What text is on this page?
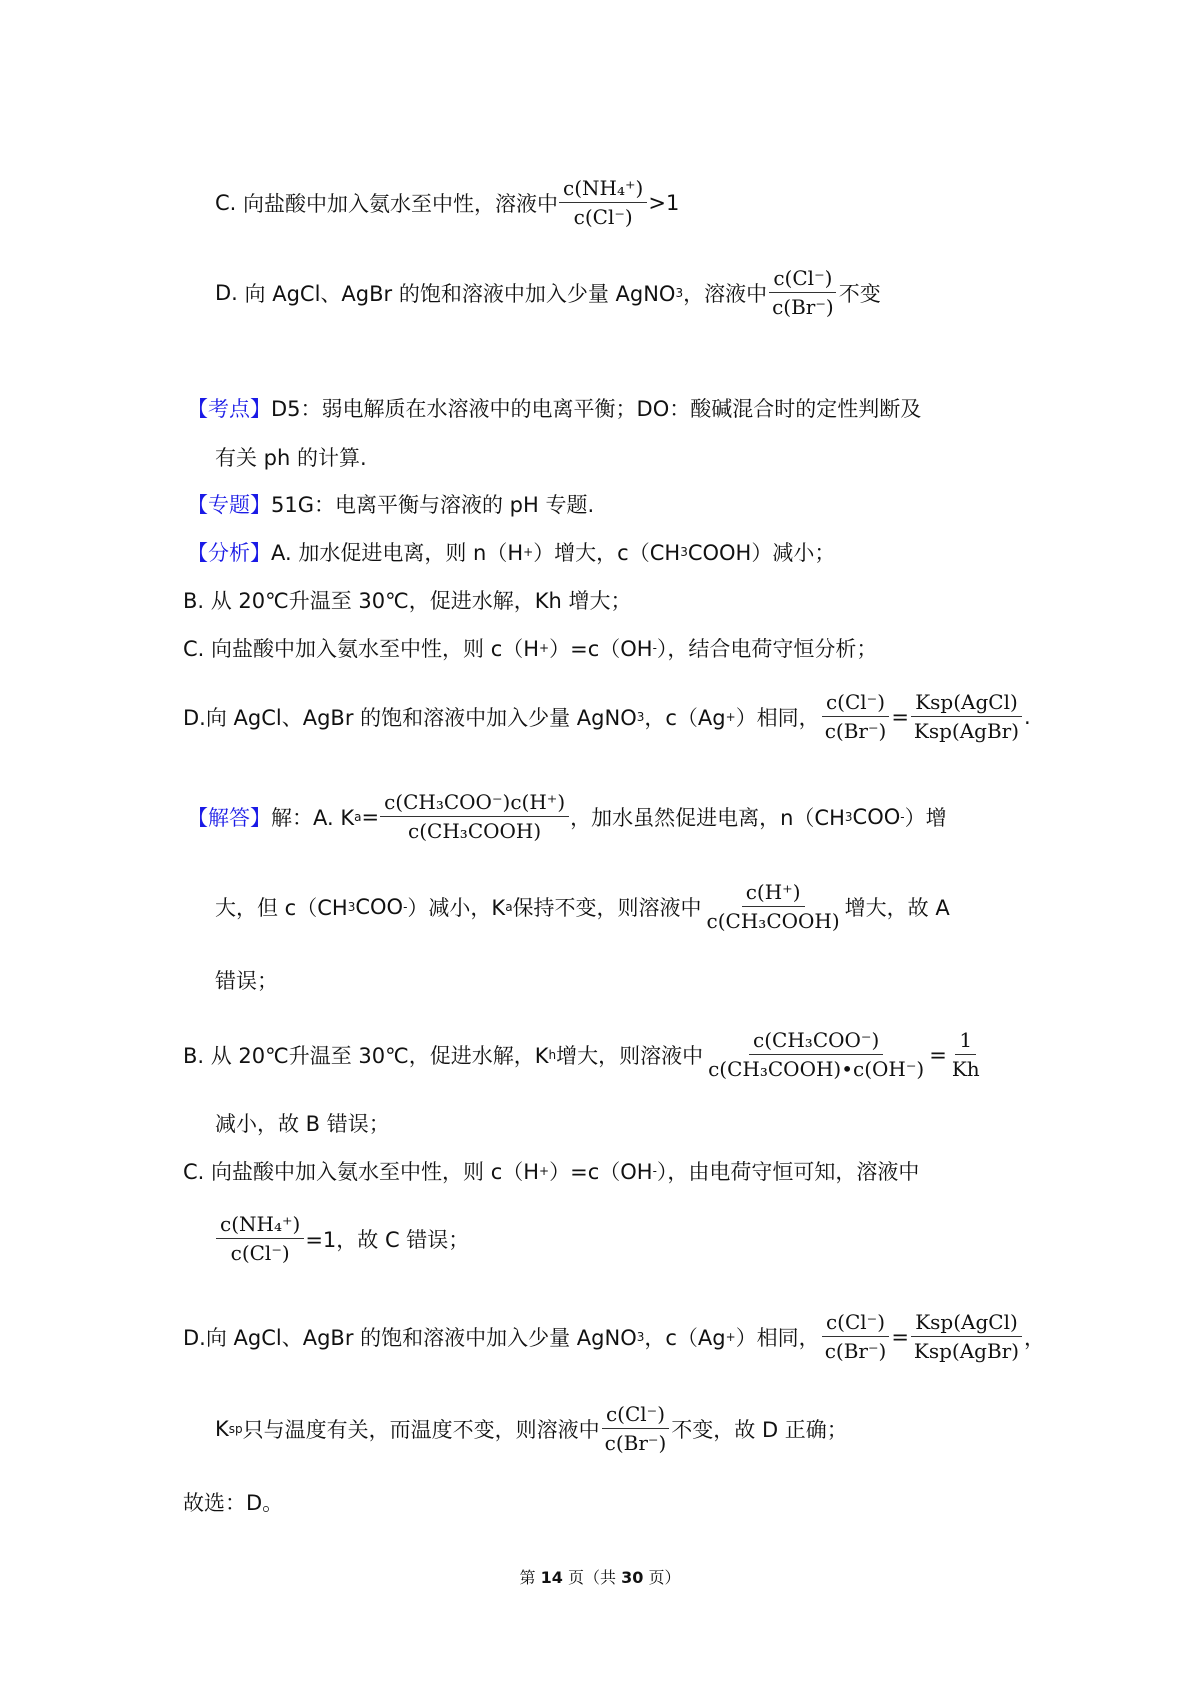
C.
向盐酸中加入氨水至中性，溶液中 $\frac{\text{c(NH₄⁺)}}{c(Cl^-)} >1$
D.
向 AgCl、AgBr 的饱和溶液中加入少量 AgNO 3 ，溶液中 $\frac{c(Cl^-)}{c(Br^-)}$ 不变
【考点】 D5：弱电解质在水溶液中的电离平衡；DO：酸碱混合时的定性判断及
有关 ph 的计算.
【专题】 51G：电离平衡与溶液的 pH 专题.
【分析】 A. 加水促进电离，则 n（H + ）增大，c（CH 3 COOH）减小；
B. 从 20℃升温至 30℃，促进水解，Kh 增大；
C. 向盐酸中加入氨水至中性，则 c（H + ）=c（OH - ），结合电荷守恒分析；
D.向 AgCl、AgBr 的饱和溶液中加入少量 AgNO 3 ，c（Ag + ）相同， $\frac{c(Cl^-)}{c(Br^-)} = \frac{\text{Ksp(AgCl)}}{\text{Ksp(AgBr)}}$ .
【解答】 解：A. K $a = \frac{\text{c(CH₃COO⁻)c(H⁺)}}{\text{c(CH₃COOH)}}$ ，加水虽然促进电离，n（CH 3 COO - ）增
大，但 c（CH 3 COO - ）减小，K a 保持不变，则溶液中 $\frac{c(H^+)}{\text{c(CH₃COOH)}}$ 增大，故 A
错误；
B. 从 20℃升温至 30℃，促进水解，K h 增大，则溶液中 $\frac{\text{c(CH₃COO⁻)}}{\text{c(CH₃COOH)•c(OH⁻)}} = \frac{1}{Kh}$
减小，故 B 错误；
C. 向盐酸中加入氨水至中性，则 c（H + ）=c（OH - ），由电荷守恒可知，溶液中
$\frac{\text{c(NH₄⁺)}}{c(Cl^-)} =1$，故 C 错误；
D.向 AgCl、AgBr 的饱和溶液中加入少量 AgNO 3 ，c（Ag + ）相同， $\frac{c(Cl^-)}{c(Br^-)} = \frac{\text{Ksp(AgCl)}}{\text{Ksp(AgBr)}}$ ，
K sp 只与温度有关，而温度不变，则溶液中 $\frac{c(Cl^-)}{c(Br^-)}$ 不变，故 D 正确；
故选：D。
第 14 页（共 30 页）
